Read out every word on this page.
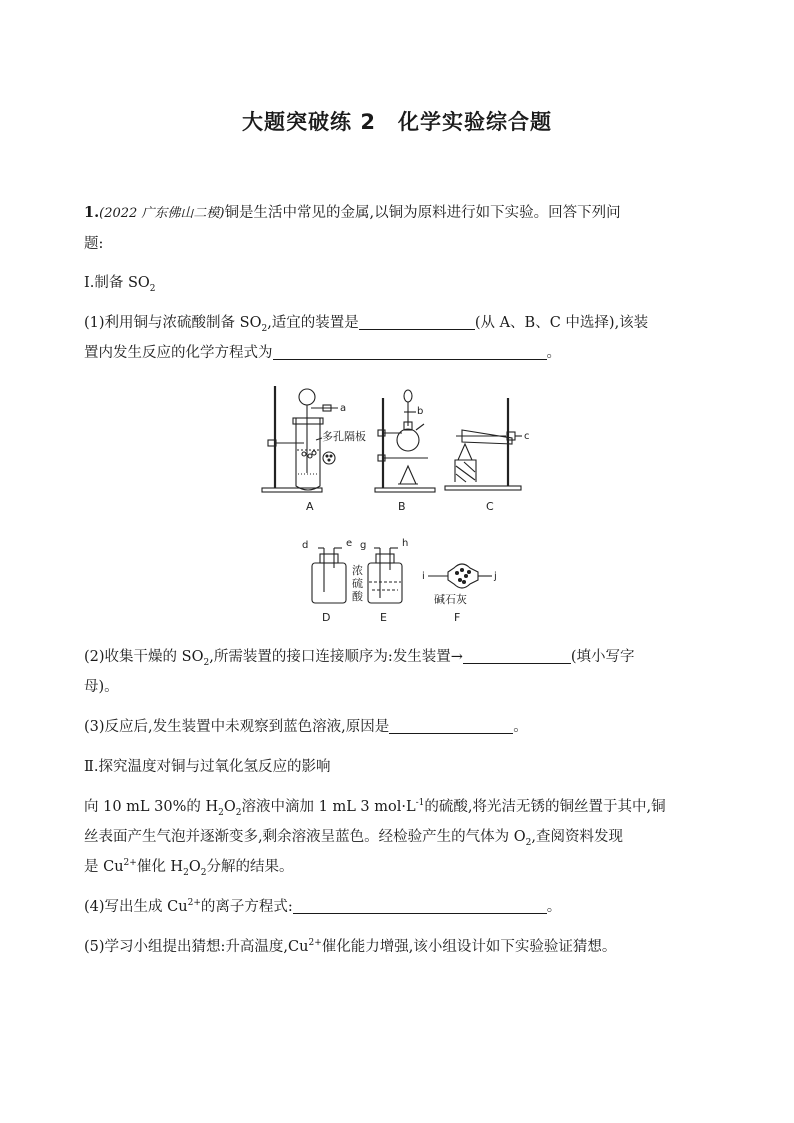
大题突破练 2 化学实验综合题
1.(2022 广东佛山二模)铜是生活中常见的金属,以铜为原料进行如下实验。回答下列问
题:
Ⅰ.制备 $SO_2$
(1)利用铜与浓硫酸制备 $SO_2$,适宜的装置是	(从 A、B、C 中选择),该装
置内发生反应的化学方程式为	。
a
多孔隔板
A
b
B
c
C
d	e
D
g	h
浓
硫
酸
E
i	j
碱石灰
F
(2)收集干燥的 $SO_2$,所需装置的接口连接顺序为:发生装置→	(填小写字
母)。
(3)反应后,发生装置中未观察到蓝色溶液,原因是	。
Ⅱ.探究温度对铜与过氧化氢反应的影响
向 10 mL 30%的 $H_2O_2$溶液中滴加 1 mL 3 $mol\cdot L^{-1}$的硫酸,将光洁无锈的铜丝置于其中,铜
丝表面产生气泡并逐渐变多,剩余溶液呈蓝色。经检验产生的气体为 $O_2$,查阅资料发现
是 $Cu^{2+}$催化 $H_2O_2$分解的结果。
(4)写出生成 $Cu^{2+}$的离子方程式:	。
(5)学习小组提出猜想:升高温度$,Cu^{2+}$催化能力增强,该小组设计如下实验验证猜想。
